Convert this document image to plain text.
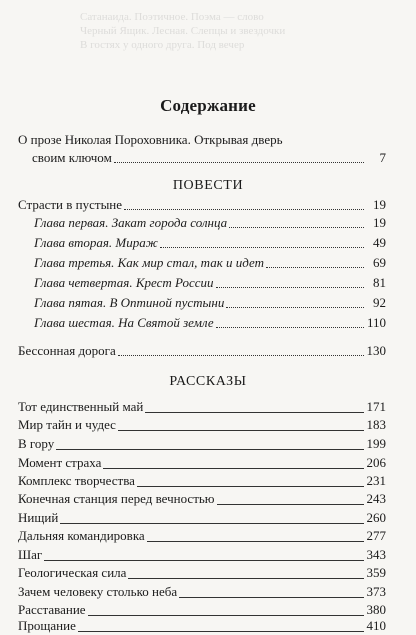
Сатанаида. Поэтичное. Поэма — слово
Черный Ящик. Лесная. Слепцы и звездочки
В гостях у одного друга. Под вечер
Содержание
О прозе Николая Пороховника. Открывая дверь
своим ключом	7
ПОВЕСТИ
Страсти в пустыне	19
Глава первая. Закат города солнца	19
Глава вторая. Мираж	49
Глава третья. Как мир стал, так и идет	69
Глава четвертая. Крест России	81
Глава пятая. В Оптиной пустыни	92
Глава шестая. На Святой земле	110
Бессонная дорога	130
РАССКАЗЫ
Тот единственный май	171
Мир тайн и чудес	183
В гору	199
Момент страха	206
Комплекс творчества	231
Конечная станция перед вечностью	243
Нищий	260
Дальняя командировка	277
Шаг	343
Геологическая сила	359
Зачем человеку столько неба	373
Расставание	380
Прощание	410
